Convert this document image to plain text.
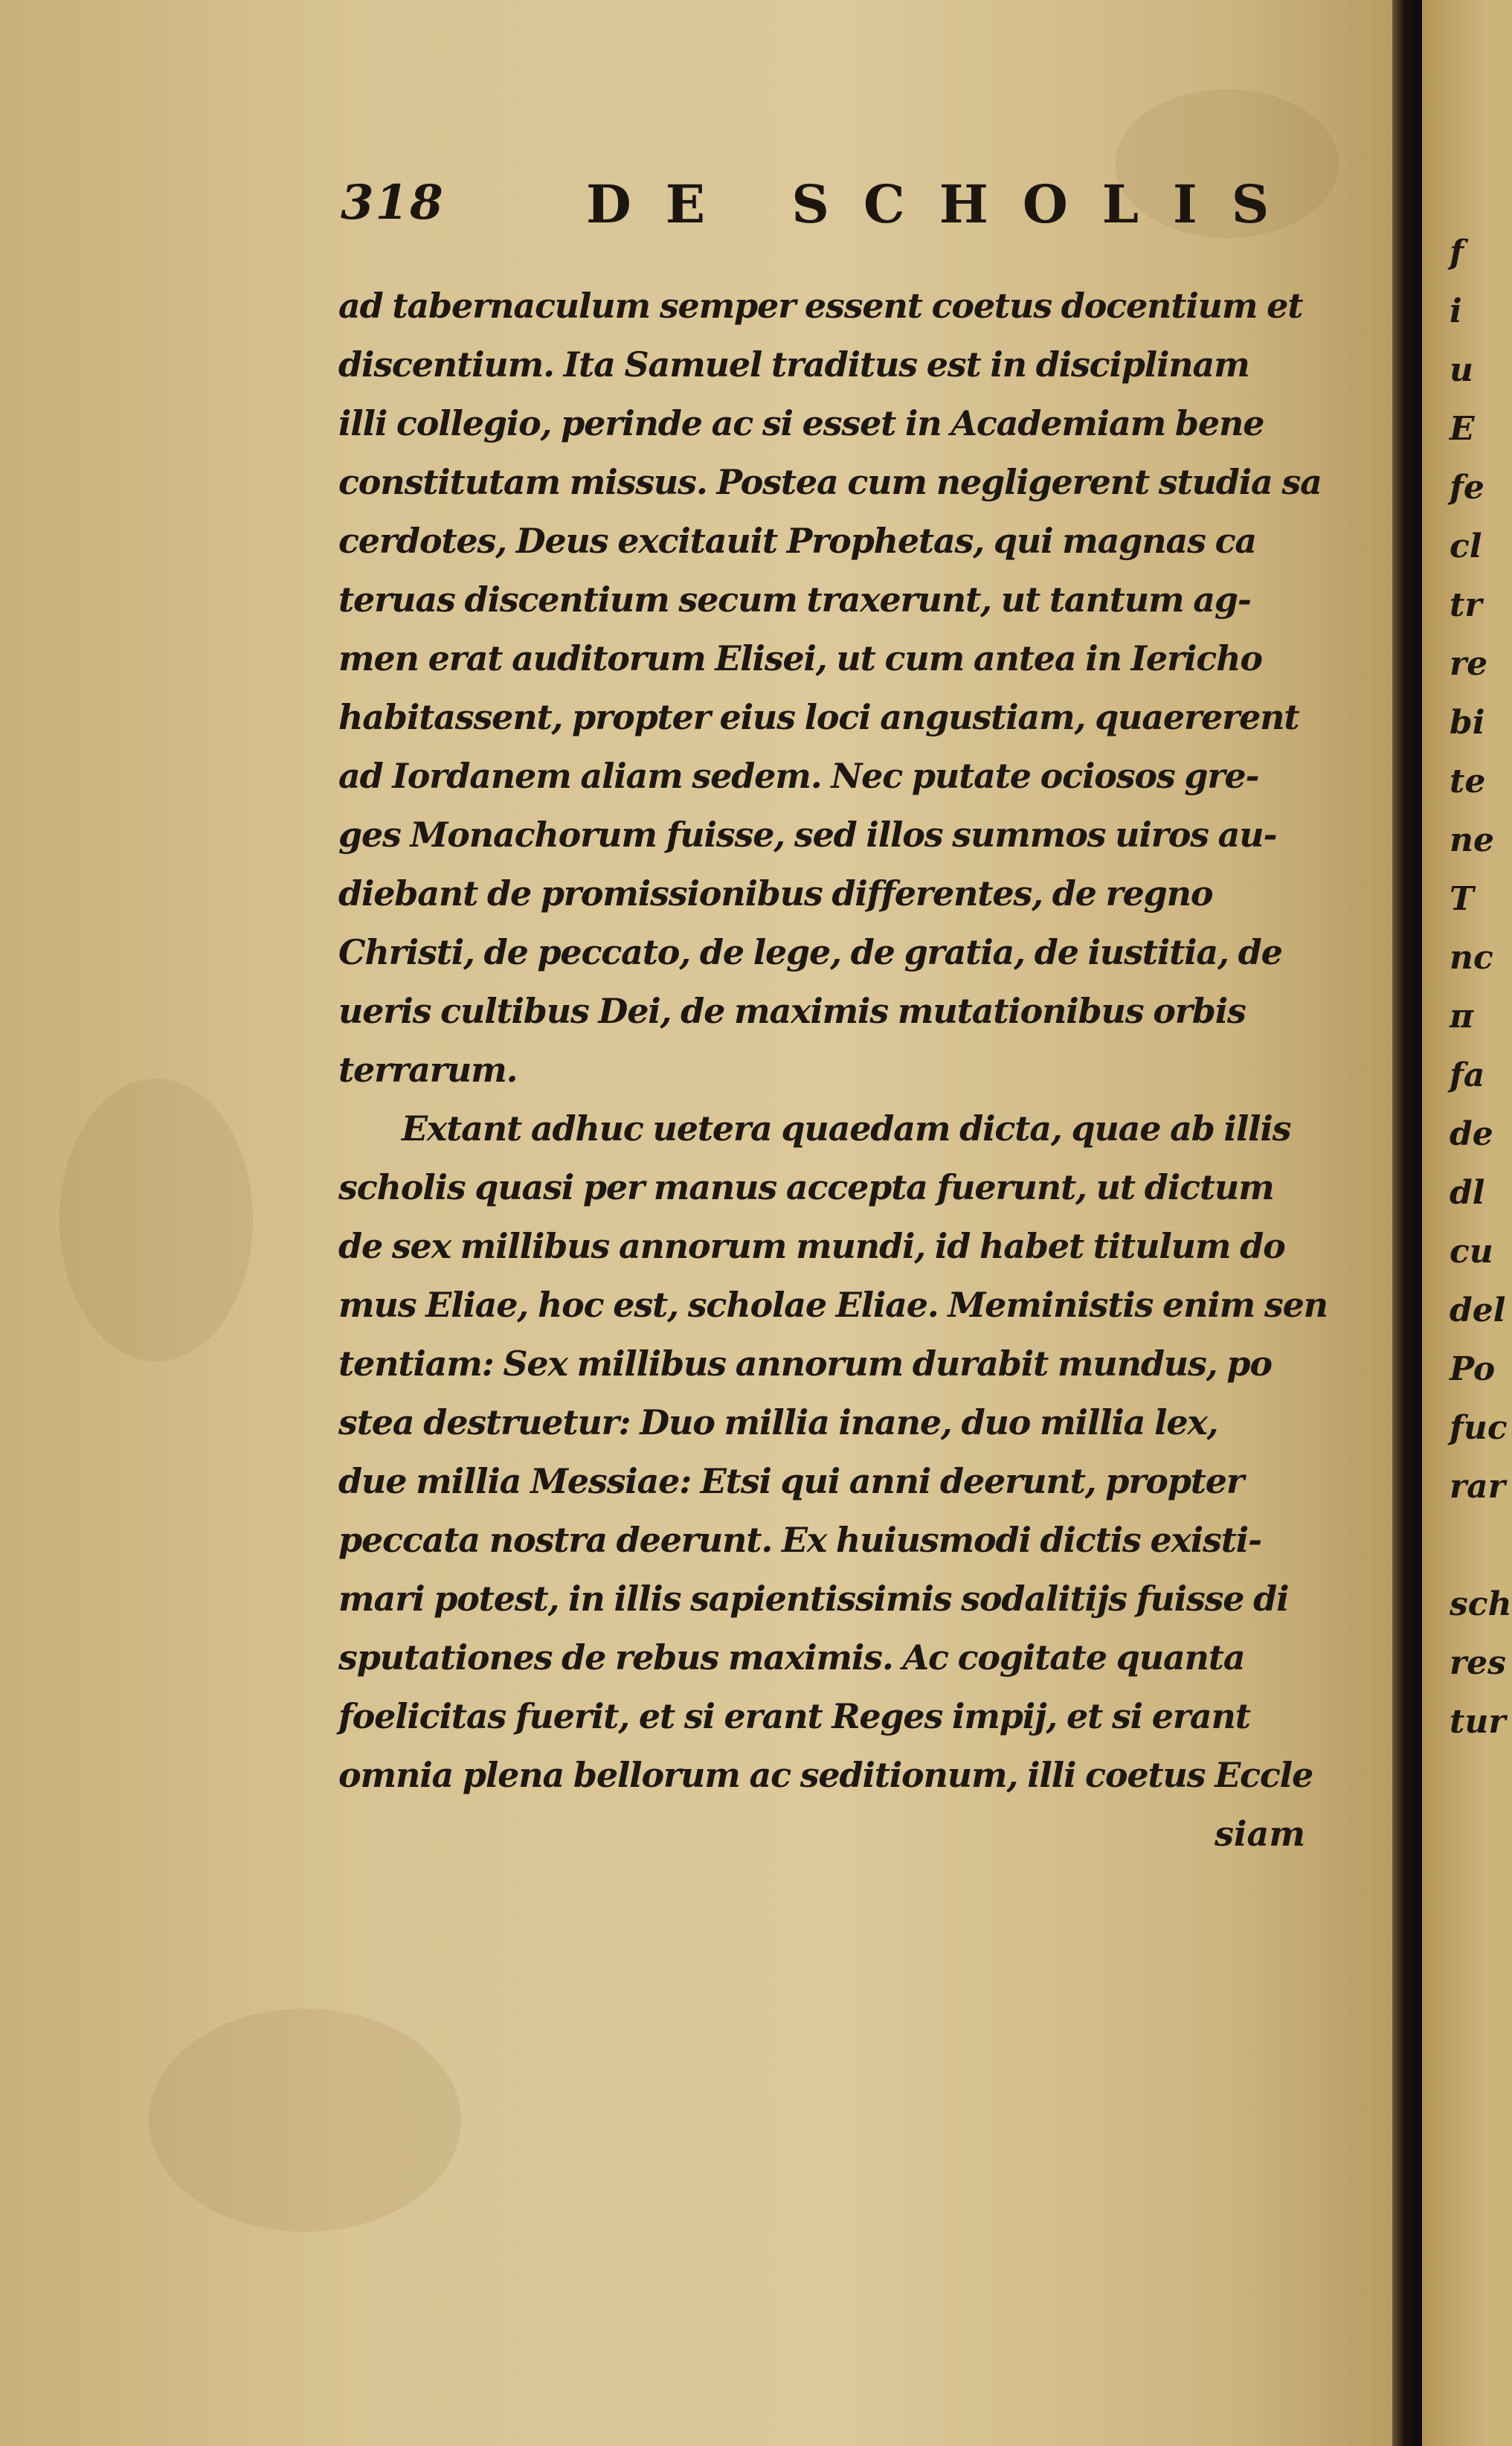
318	DE SCHOLIS
ad tabernaculum semper essent coetus docentium et
discentium. Ita Samuel traditus est in disciplinam
illi collegio, perinde ac si esset in Academiam bene
constitutam missus. Postea cum negligerent studia sa
cerdotes, Deus excitauit Prophetas, qui magnas ca
teruas discentium secum traxerunt, ut tantum ag-
men erat auditorum Elisei, ut cum antea in Iericho
habitassent, propter eius loci angustiam, quaererent
ad Iordanem aliam sedem. Nec putate ociosos gre-
ges Monachorum fuisse, sed illos summos uiros au-
diebant de promissionibus differentes, de regno
Christi, de peccato, de lege, de gratia, de iustitia, de
ueris cultibus Dei, de maximis mutationibus orbis
terrarum.
Extant adhuc uetera quaedam dicta, quae ab illis
scholis quasi per manus accepta fuerunt, ut dictum
de sex millibus annorum mundi, id habet titulum do
mus Eliae, hoc est, scholae Eliae. Meministis enim sen
tentiam: Sex millibus annorum durabit mundus, po
stea destruetur: Duo millia inane, duo millia lex,
due millia Messiae: Etsi qui anni deerunt, propter
peccata nostra deerunt. Ex huiusmodi dictis existi-
mari potest, in illis sapientissimis sodalitijs fuisse di
sputationes de rebus maximis. Ac cogitate quanta
foelicitas fuerit, et si erant Reges impij, et si erant
omnia plena bellorum ac seditionum, illi coetus Eccle
siam
f
i
u
E
fe
cl
tr
re
bi
te
ne
T
nc
π
fa
de
dl
cu
del
Po
fuc
rar
sch
res
tur
